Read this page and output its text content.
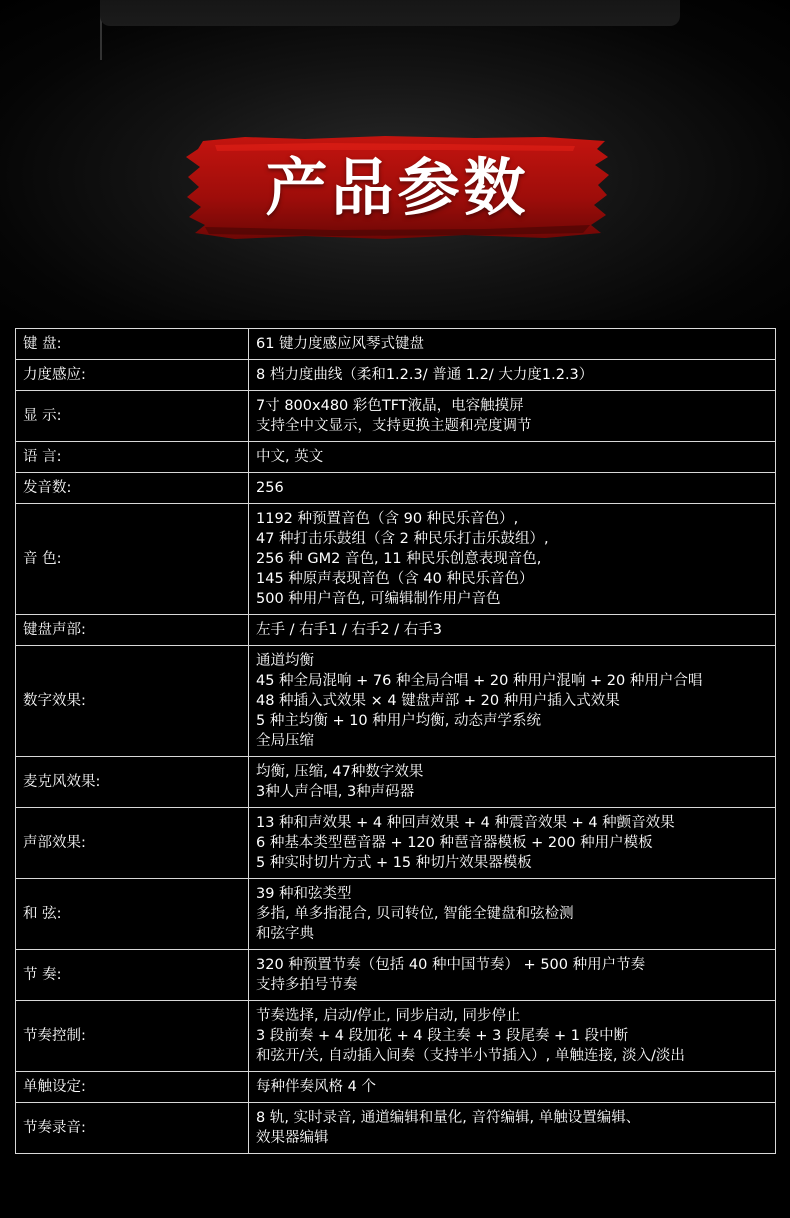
产品参数
键 盘:	61 键力度感应风琴式键盘

力度感应:	8 档力度曲线（柔和1.2.3/ 普通 1.2/ 大力度1.2.3）

显 示:	7寸 800x480 彩色TFT液晶，电容触摸屏
支持全中文显示，支持更换主题和亮度调节

语 言:	中文, 英文

发音数:	256

音 色:	1192 种预置音色（含 90 种民乐音色）,
47 种打击乐鼓组（含 2 种民乐打击乐鼓组）,
256 种 GM2 音色, 11 种民乐创意表现音色,
145 种原声表现音色（含 40 种民乐音色）
500 种用户音色, 可编辑制作用户音色

键盘声部:	左手 / 右手1 / 右手2 / 右手3

数字效果:	通道均衡
45 种全局混响 + 76 种全局合唱 + 20 种用户混响 + 20 种用户合唱
48 种插入式效果 × 4 键盘声部 + 20 种用户插入式效果
5 种主均衡 + 10 种用户均衡, 动态声学系统
全局压缩

麦克风效果:	均衡, 压缩, 47种数字效果
3种人声合唱, 3种声码器

声部效果:	13 种和声效果 + 4 种回声效果 + 4 种震音效果 + 4 种颤音效果
6 种基本类型琶音器 + 120 种琶音器模板 + 200 种用户模板
5 种实时切片方式 + 15 种切片效果器模板

和 弦:	39 种和弦类型
多指, 单多指混合, 贝司转位, 智能全键盘和弦检测
和弦字典

节 奏:	320 种预置节奏（包括 40 种中国节奏） + 500 种用户节奏
支持多拍号节奏

节奏控制:	节奏选择, 启动/停止, 同步启动, 同步停止
3 段前奏 + 4 段加花 + 4 段主奏 + 3 段尾奏 + 1 段中断
和弦开/关, 自动插入间奏（支持半小节插入）, 单触连接, 淡入/淡出

单触设定:	每种伴奏风格 4 个

节奏录音:	8 轨, 实时录音, 通道编辑和量化, 音符编辑, 单触设置编辑、
效果器编辑
